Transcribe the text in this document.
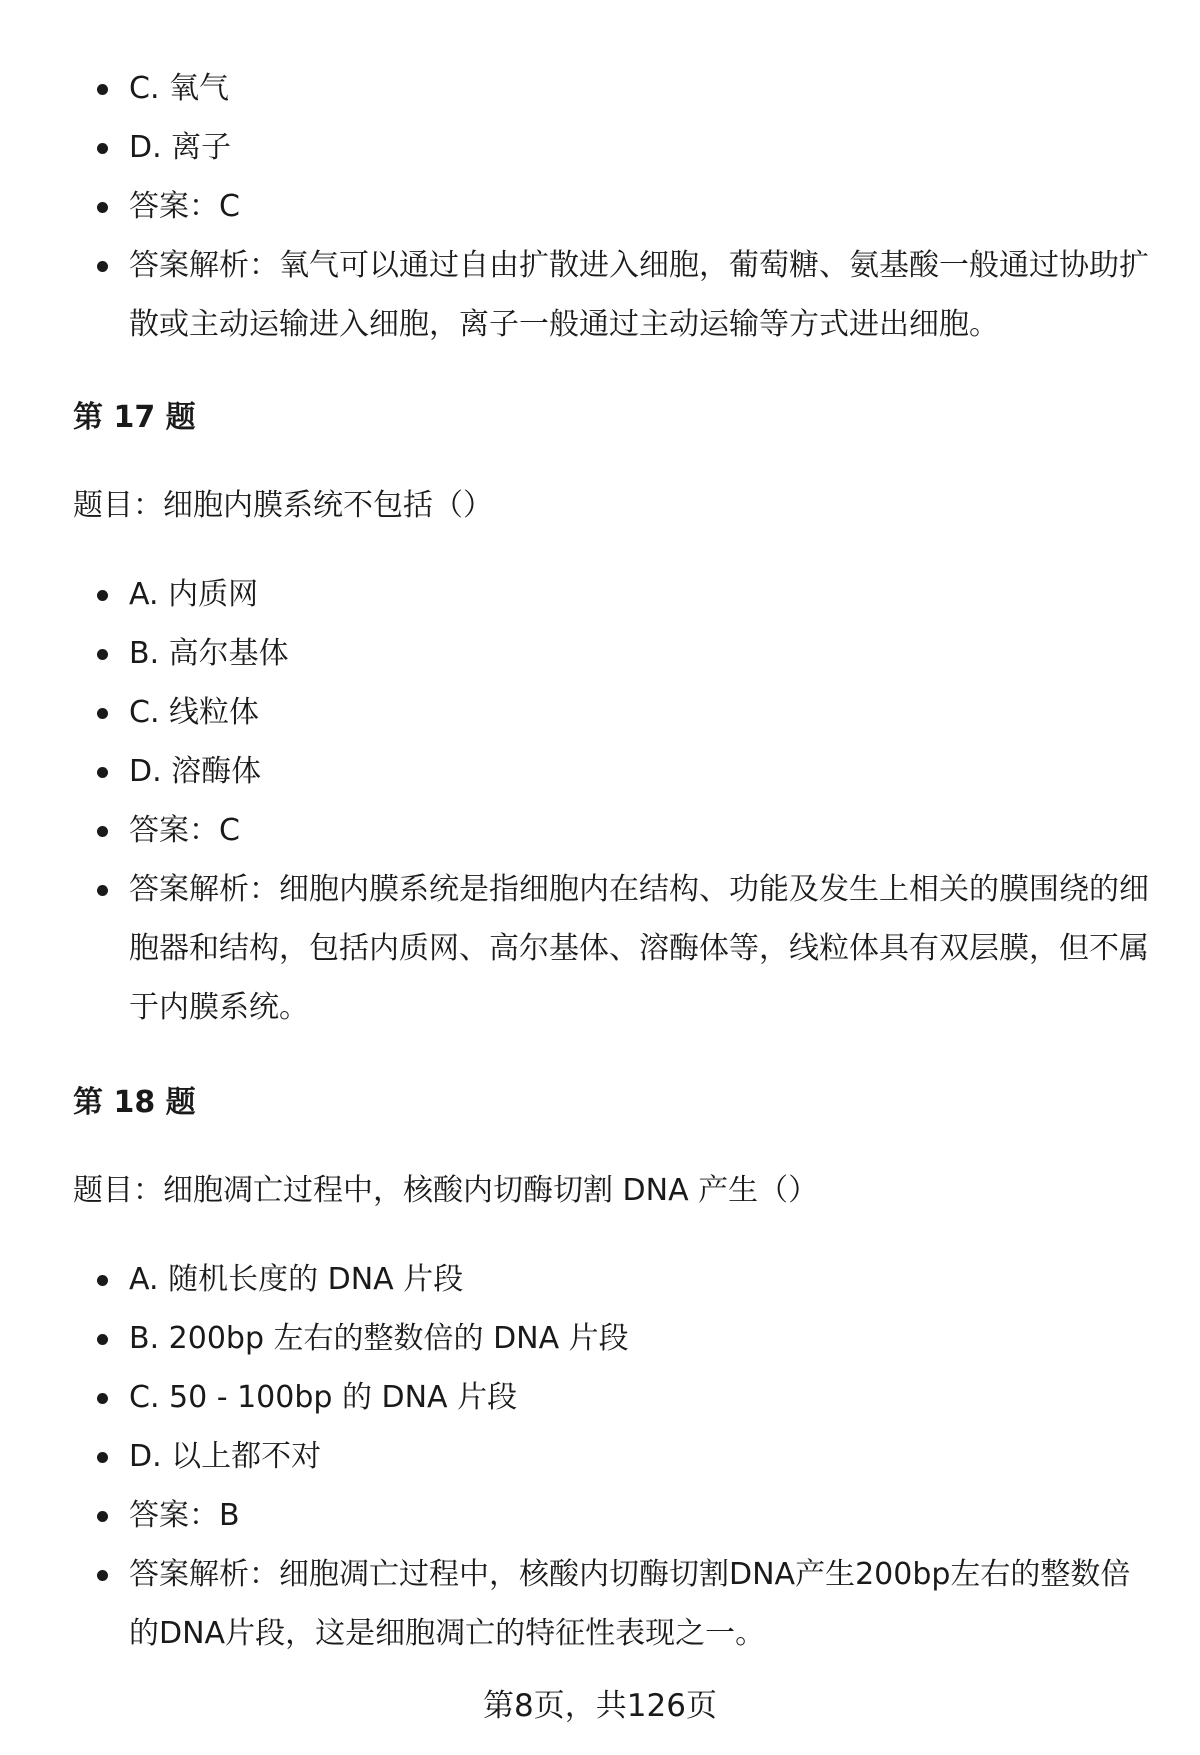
C. 氧气
D. 离子
答案：C
答案解析：氧气可以通过自由扩散进入细胞，葡萄糖、氨基酸一般通过协助扩散或主动运输进入细胞，离子一般通过主动运输等方式进出细胞。
第 17 题
题目：细胞内膜系统不包括（）
A. 内质网
B. 高尔基体
C. 线粒体
D. 溶酶体
答案：C
答案解析：细胞内膜系统是指细胞内在结构、功能及发生上相关的膜围绕的细胞器和结构，包括内质网、高尔基体、溶酶体等，线粒体具有双层膜，但不属于内膜系统。
第 18 题
题目：细胞凋亡过程中，核酸内切酶切割 DNA 产生（）
A. 随机长度的 DNA 片段
B. 200bp 左右的整数倍的 DNA 片段
C. 50 - 100bp 的 DNA 片段
D. 以上都不对
答案：B
答案解析：细胞凋亡过程中，核酸内切酶切割DNA产生200bp左右的整数倍的DNA片段，这是细胞凋亡的特征性表现之一。
第8页，共126页
